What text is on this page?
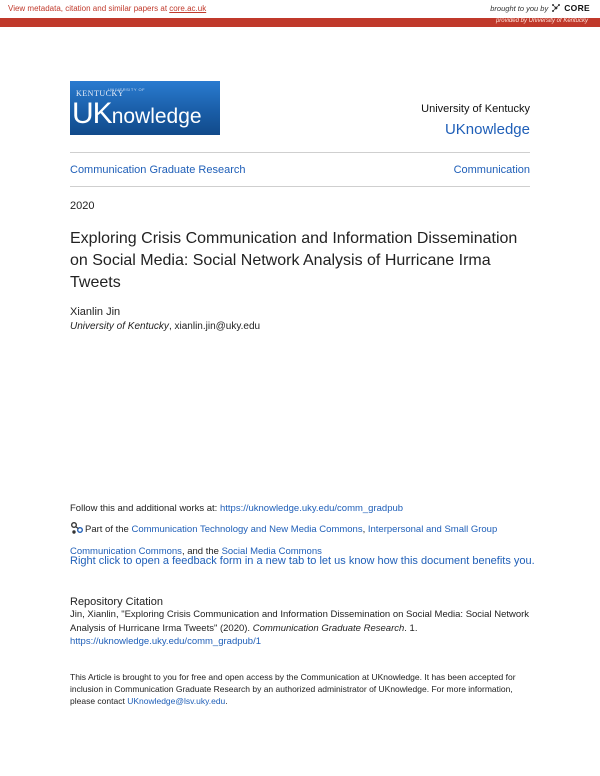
View metadata, citation and similar papers at core.ac.uk	brought to you by CORE
provided by University of Kentucky
UNIVERSITY OF
KENTUCKY
UKnowledge	University of Kentucky
UKnowledge
Communication Graduate Research	Communication
2020
Exploring Crisis Communication and Information Dissemination on Social Media: Social Network Analysis of Hurricane Irma Tweets
Xianlin Jin
University of Kentucky, xianlin.jin@uky.edu
Follow this and additional works at: https://uknowledge.uky.edu/comm_gradpub
Part of the Communication Technology and New Media Commons, Interpersonal and Small Group Communication Commons, and the Social Media Commons
Right click to open a feedback form in a new tab to let us know how this document benefits you.
Repository Citation
Jin, Xianlin, "Exploring Crisis Communication and Information Dissemination on Social Media: Social Network Analysis of Hurricane Irma Tweets" (2020). Communication Graduate Research. 1.
https://uknowledge.uky.edu/comm_gradpub/1
This Article is brought to you for free and open access by the Communication at UKnowledge. It has been accepted for inclusion in Communication Graduate Research by an authorized administrator of UKnowledge. For more information, please contact UKnowledge@lsv.uky.edu.
